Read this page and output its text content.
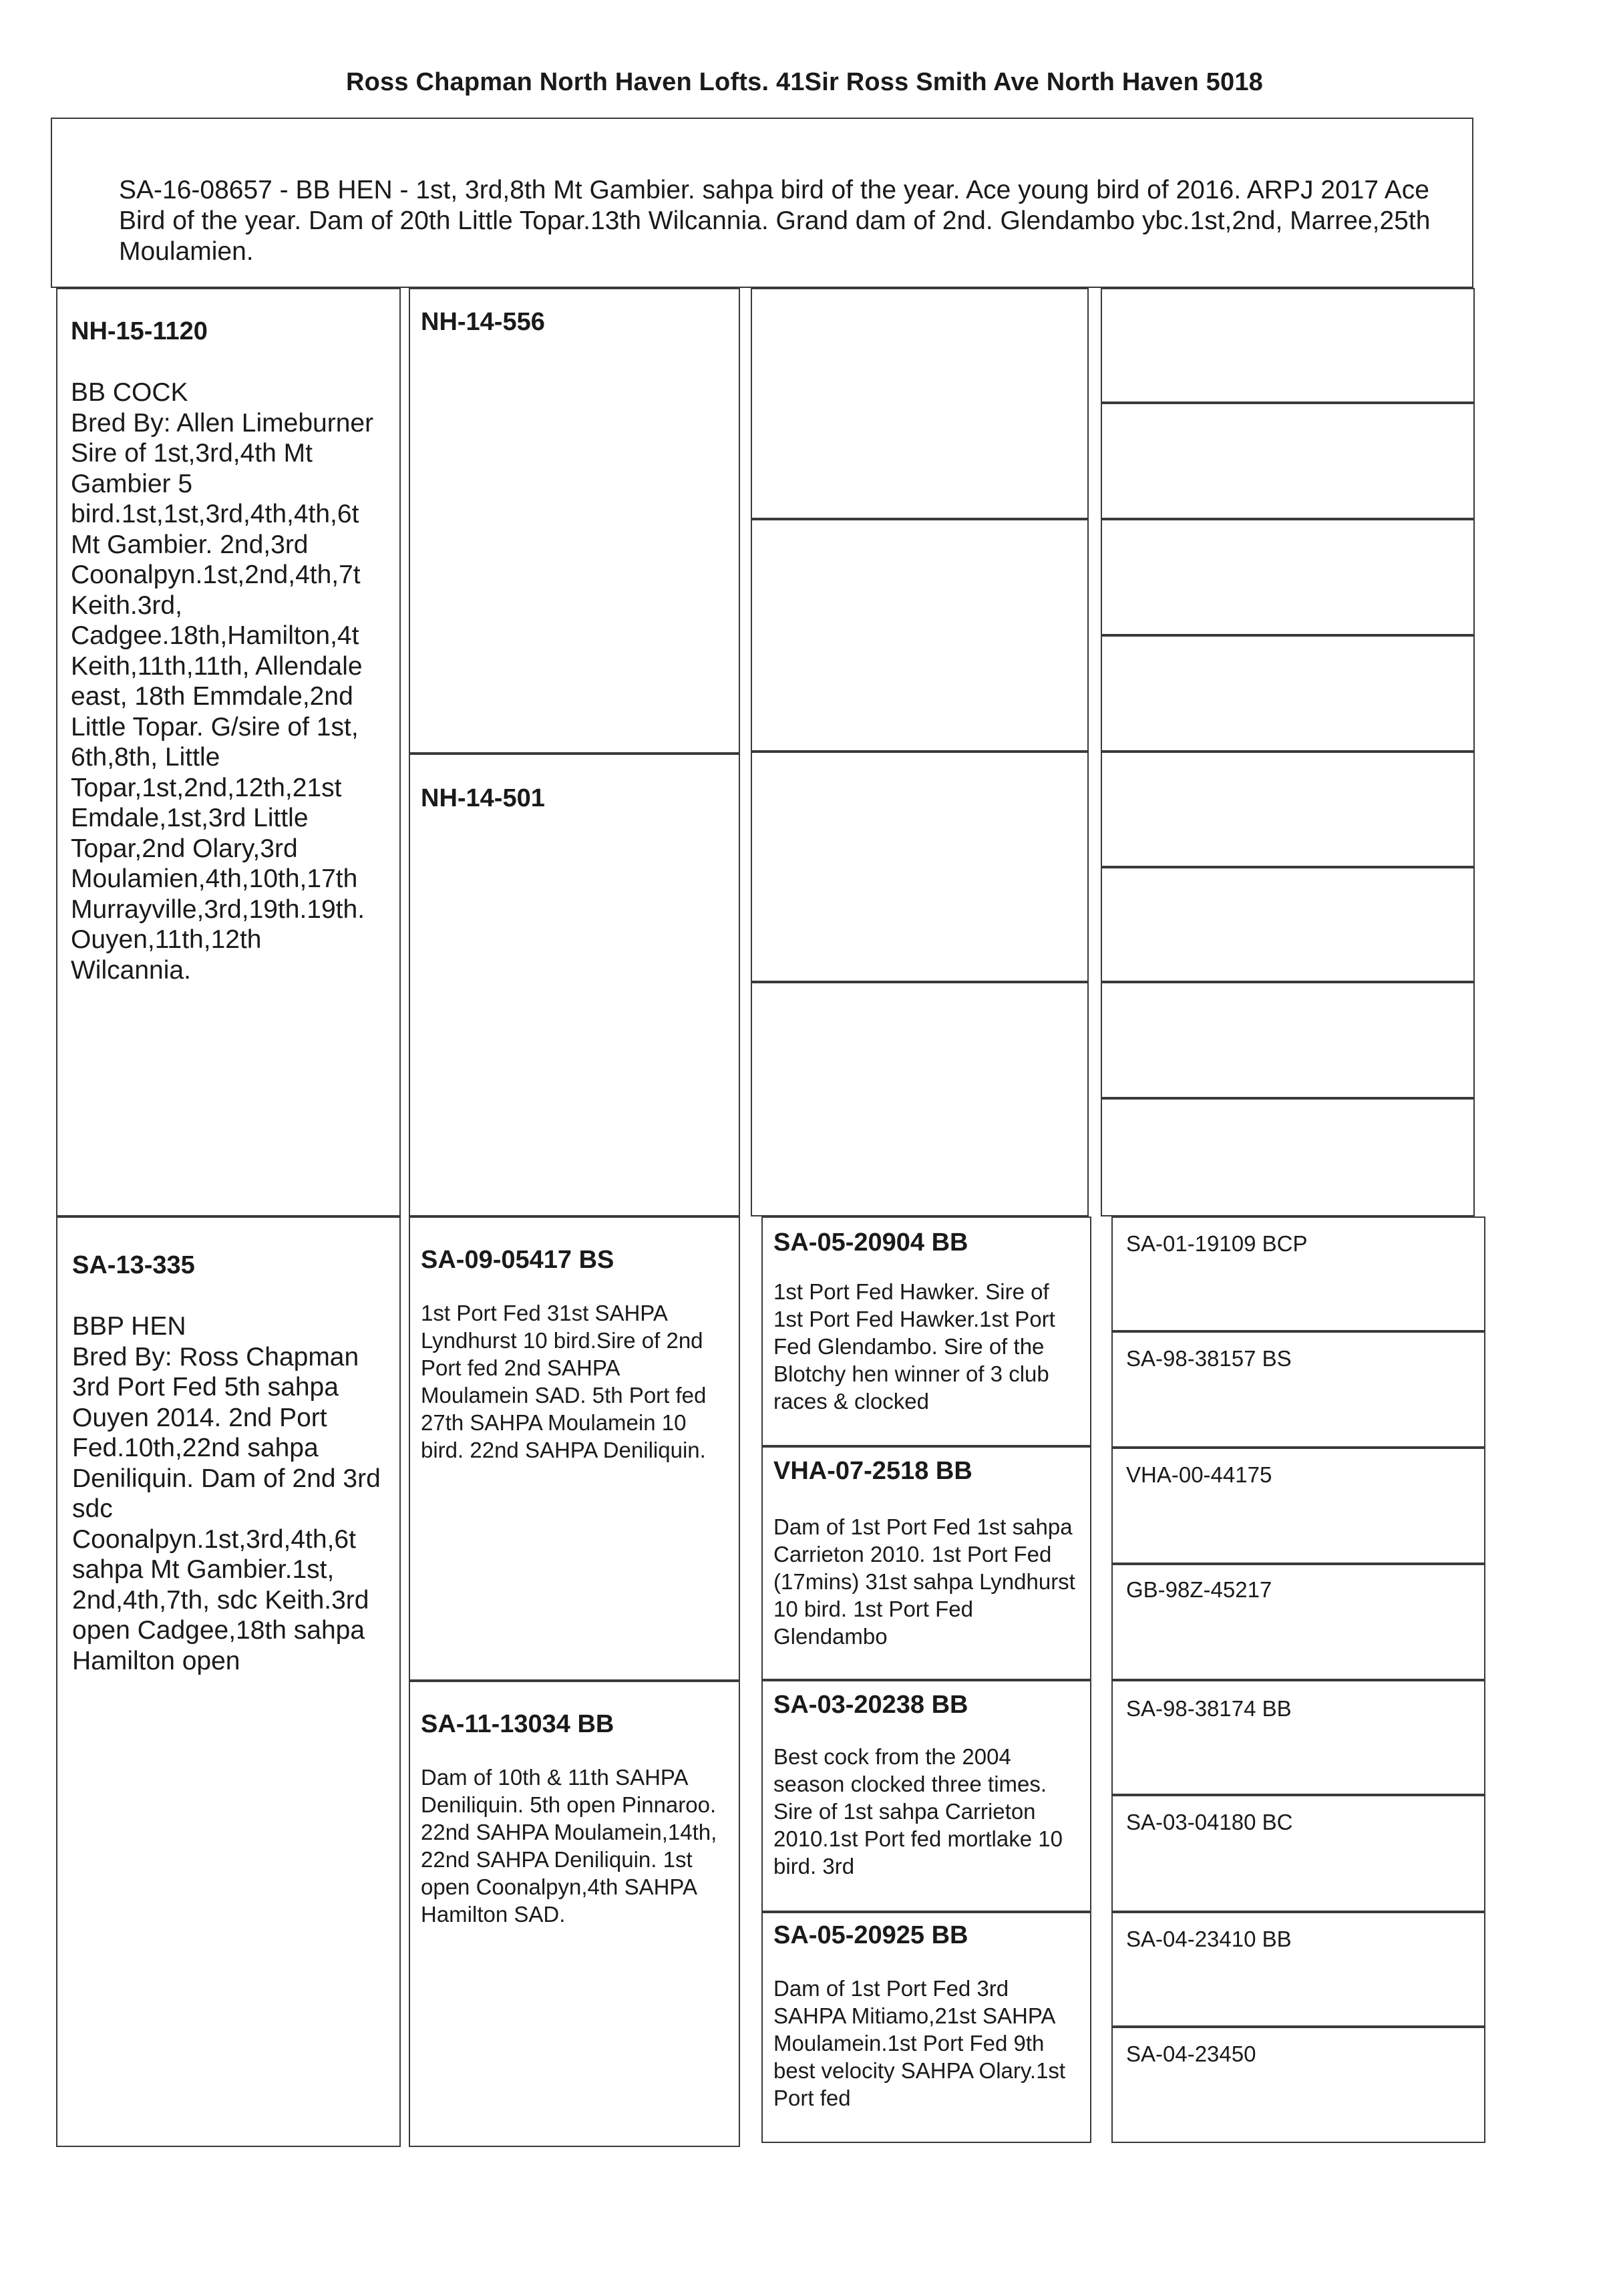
Ross Chapman North Haven Lofts. 41Sir Ross Smith Ave North Haven 5018
SA-16-08657 - BB HEN - 1st, 3rd,8th Mt Gambier. sahpa bird of the year. Ace young bird of 2016. ARPJ 2017 Ace Bird of the year. Dam of 20th Little Topar.13th Wilcannia. Grand dam of 2nd. Glendambo ybc.1st,2nd, Marree,25th Moulamien.
NH-15-1120
BB COCK
Bred By: Allen Limeburner
Sire of 1st,3rd,4th Mt Gambier 5 bird.1st,1st,3rd,4th,4th,6t Mt Gambier. 2nd,3rd Coonalpyn.1st,2nd,4th,7t Keith.3rd, Cadgee.18th,Hamilton,4t Keith,11th,11th, Allendale east, 18th Emmdale,2nd Little Topar. G/sire of 1st, 6th,8th, Little Topar,1st,2nd,12th,21st Emdale,1st,3rd Little Topar,2nd Olary,3rd Moulamien,4th,10th,17th Murrayville,3rd,19th.19th. Ouyen,11th,12th Wilcannia.
SA-13-335
BBP HEN
Bred By: Ross Chapman
3rd Port Fed 5th sahpa Ouyen 2014. 2nd Port Fed.10th,22nd sahpa Deniliquin. Dam of 2nd 3rd sdc Coonalpyn.1st,3rd,4th,6t sahpa Mt Gambier.1st, 2nd,4th,7th, sdc Keith.3rd open Cadgee,18th sahpa Hamilton open
NH-14-556
NH-14-501
SA-09-05417 BS
1st Port Fed 31st SAHPA Lyndhurst 10 bird.Sire of 2nd Port fed 2nd SAHPA Moulamein SAD. 5th Port fed 27th SAHPA Moulamein 10 bird. 22nd SAHPA Deniliquin.
SA-11-13034 BB
Dam of 10th & 11th SAHPA Deniliquin. 5th open Pinnaroo. 22nd SAHPA Moulamein,14th, 22nd SAHPA Deniliquin. 1st open Coonalpyn,4th SAHPA Hamilton SAD.
SA-05-20904 BB
1st Port Fed Hawker. Sire of 1st Port Fed Hawker.1st Port Fed Glendambo. Sire of the Blotchy hen winner of 3 club races & clocked
VHA-07-2518 BB
Dam of 1st Port Fed 1st sahpa Carrieton 2010. 1st Port Fed (17mins) 31st sahpa Lyndhurst 10 bird. 1st Port Fed Glendambo
SA-03-20238 BB
Best cock from the 2004 season clocked three times. Sire of 1st sahpa Carrieton 2010.1st Port fed mortlake 10 bird. 3rd
SA-05-20925 BB
Dam of 1st Port Fed 3rd SAHPA Mitiamo,21st SAHPA Moulamein.1st Port Fed 9th best velocity SAHPA Olary.1st Port fed
SA-01-19109 BCP
SA-98-38157 BS
VHA-00-44175
GB-98Z-45217
SA-98-38174 BB
SA-03-04180 BC
SA-04-23410 BB
SA-04-23450
